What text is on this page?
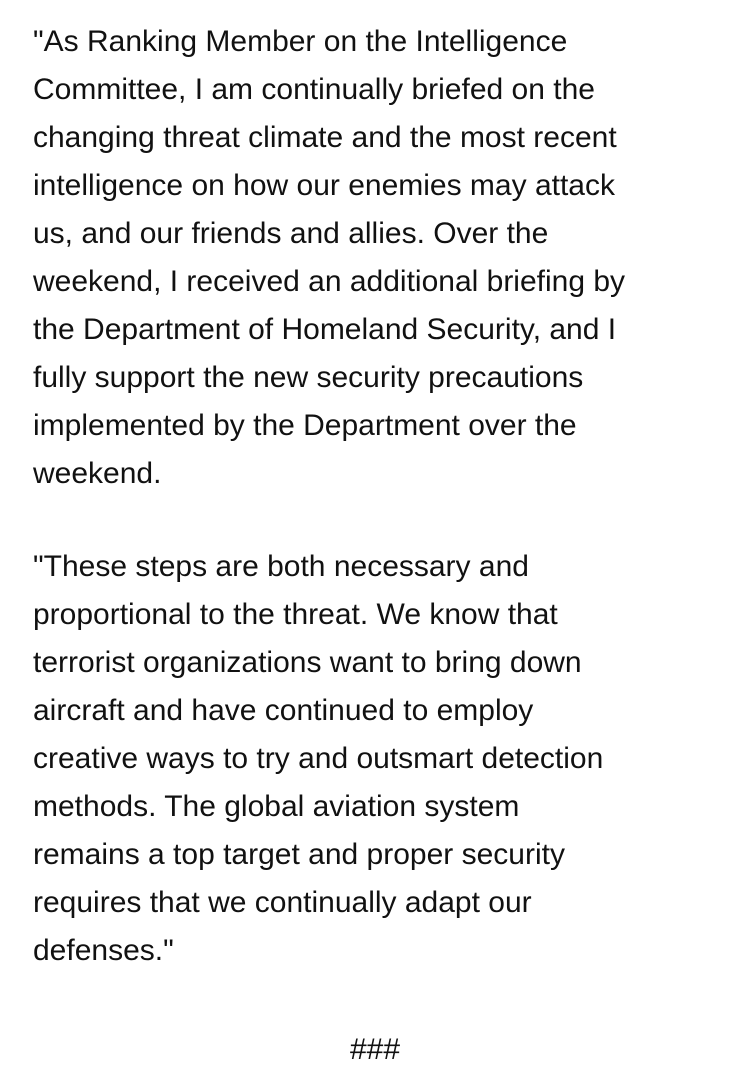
"As Ranking Member on the Intelligence
Committee, I am continually briefed on the
changing threat climate and the most recent
intelligence on how our enemies may attack
us, and our friends and allies. Over the
weekend, I received an additional briefing by
the Department of Homeland Security, and I
fully support the new security precautions
implemented by the Department over the
weekend.

"These steps are both necessary and
proportional to the threat. We know that
terrorist organizations want to bring down
aircraft and have continued to employ
creative ways to try and outsmart detection
methods. The global aviation system
remains a top target and proper security
requires that we continually adapt our
defenses."

###
